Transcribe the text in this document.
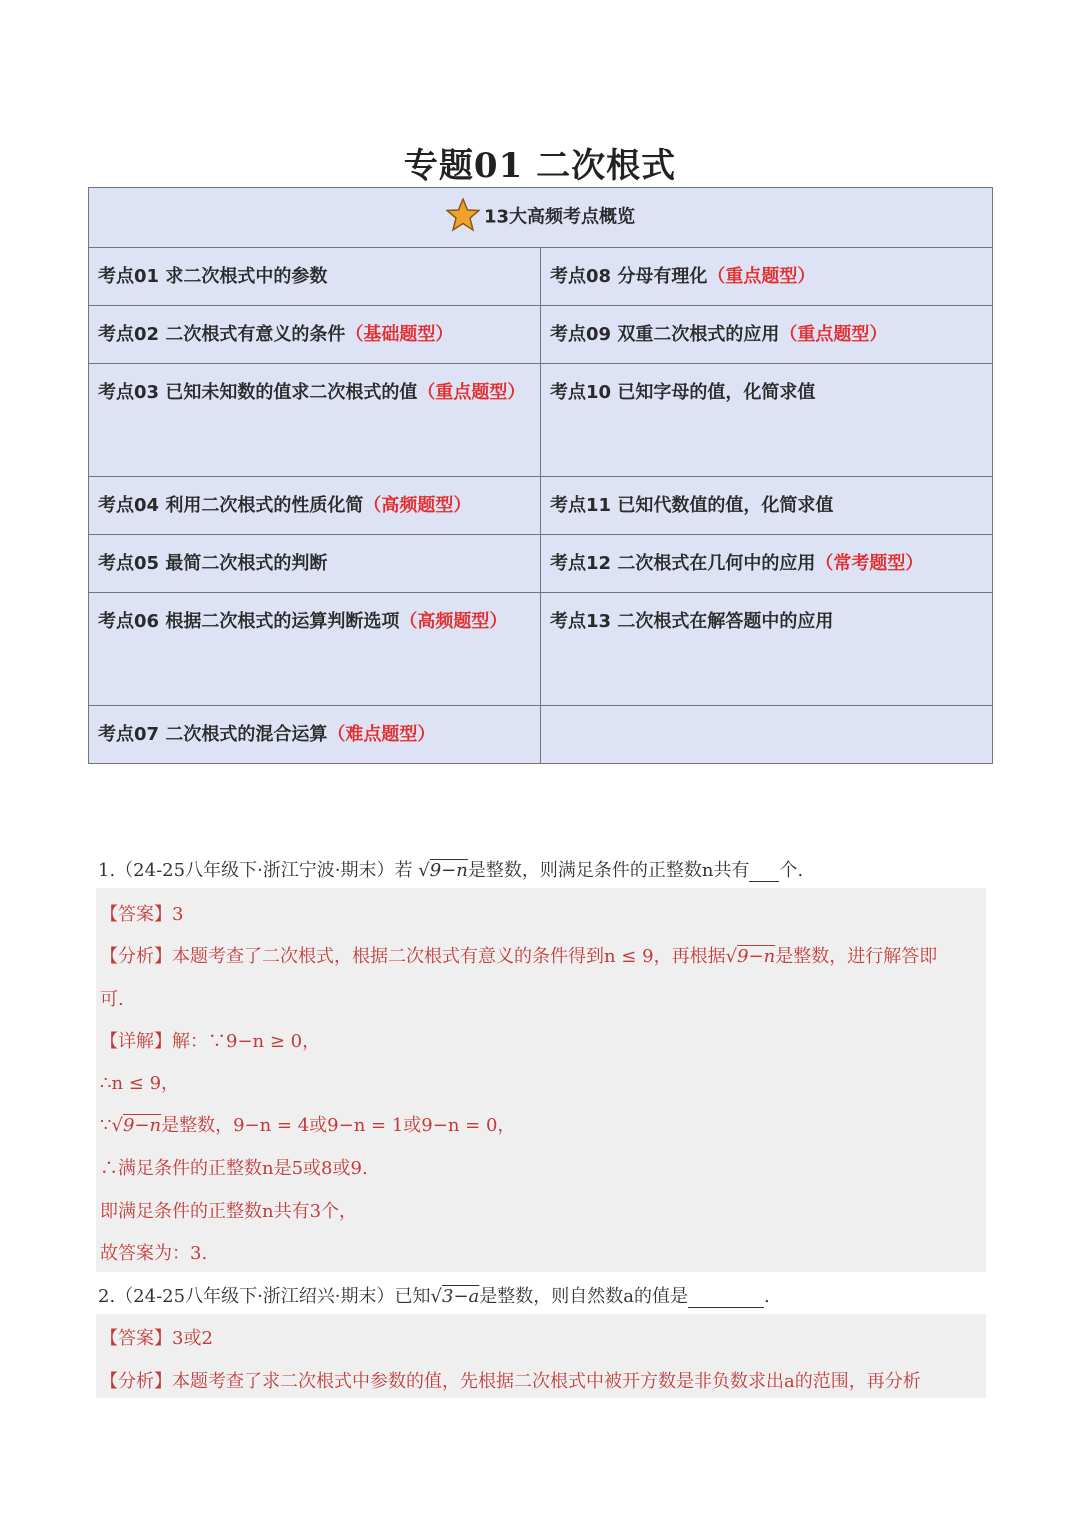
专题01 二次根式
13大高频考点概览	
考点01 求二次根式中的参数	考点08 分母有理化（重点题型）
考点02 二次根式有意义的条件（基础题型）	考点09 双重二次根式的应用（重点题型）
考点03 已知未知数的值求二次根式的值（重点题型）	考点10 已知字母的值，化简求值
考点04 利用二次根式的性质化简（高频题型）	考点11 已知代数值的值，化简求值
考点05 最简二次根式的判断	考点12 二次根式在几何中的应用（常考题型）
考点06 根据二次根式的运算判断选项（高频题型）	考点13 二次根式在解答题中的应用
考点07 二次根式的混合运算（难点题型）	
1.（24-25八年级下·浙江宁波·期末）若 √9−n是整数，则满足条件的正整数n共有 个.
【答案】3
【分析】本题考查了二次根式，根据二次根式有意义的条件得到n ≤ 9，再根据√9−n是整数，进行解答即
可.
【详解】解：∵9−n ≥ 0，
∴n ≤ 9，
∵√9−n是整数，9−n = 4或9−n = 1或9−n = 0，
∴满足条件的正整数n是5或8或9.
即满足条件的正整数n共有3个，
故答案为：3.
2.（24-25八年级下·浙江绍兴·期末）已知√3−a是整数，则自然数a的值是	.
【答案】3或2
【分析】本题考查了求二次根式中参数的值，先根据二次根式中被开方数是非负数求出a的范围，再分析
